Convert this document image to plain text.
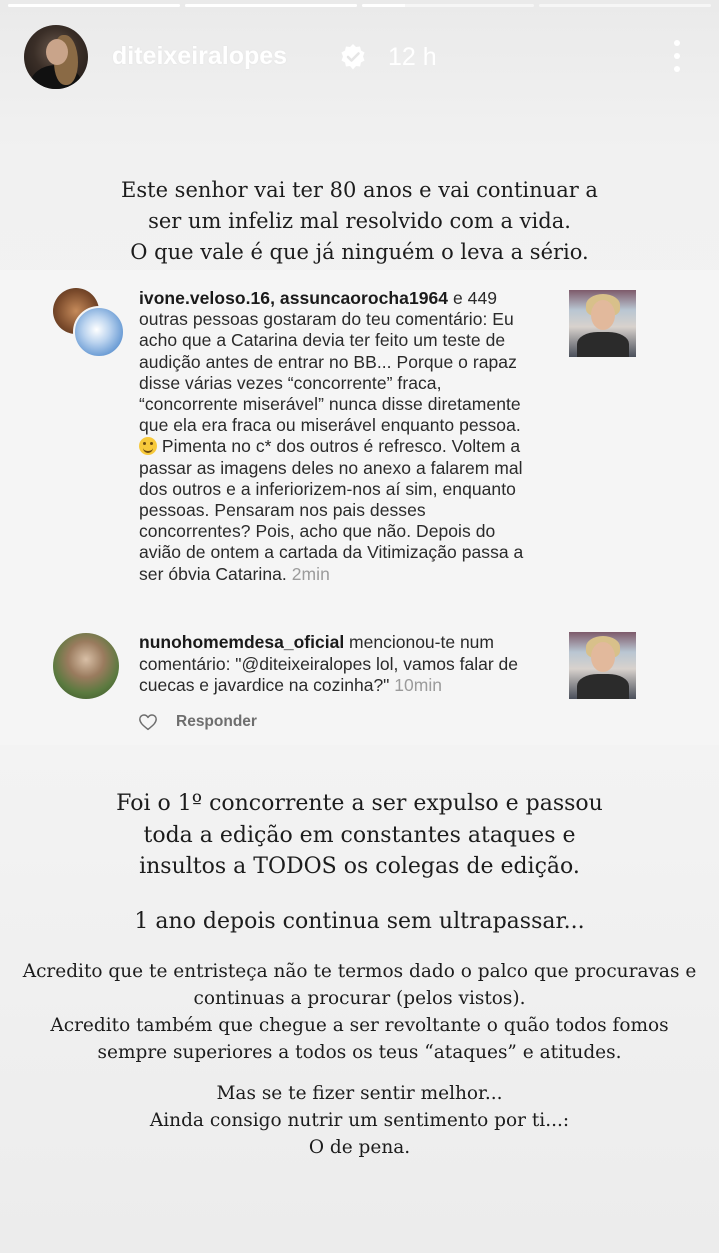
diteixeiralopes	12 h
Este senhor vai ter 80 anos e vai continuar a
ser um infeliz mal resolvido com a vida.
O que vale é que já ninguém o leva a sério.
ivone.veloso.16, assuncaorocha1964 e 449 outras pessoas gostaram do teu comentário: Eu acho que a Catarina devia ter feito um teste de audição antes de entrar no BB... Porque o rapaz disse várias vezes “concorrente” fraca, “concorrente miserável” nunca disse diretamente que ela era fraca ou miserável enquanto pessoa.  Pimenta no c* dos outros é refresco. Voltem a passar as imagens deles no anexo a falarem mal dos outros e a inferiorizem-nos aí sim, enquanto pessoas. Pensaram nos pais desses concorrentes? Pois, acho que não. Depois do avião de ontem a cartada da Vitimização passa a ser óbvia Catarina. 2min
nunohomemdesa_oficial mencionou-te num comentário: "@diteixeiralopes lol, vamos falar de cuecas e javardice na cozinha?" 10min
Responder
Foi o 1º concorrente a ser expulso e passou
toda a edição em constantes ataques e
insultos a TODOS os colegas de edição.
1 ano depois continua sem ultrapassar...
Acredito que te entristeça não te termos dado o palco que procuravas e
continuas a procurar (pelos vistos).
Acredito também que chegue a ser revoltante o quão todos fomos
sempre superiores a todos os teus “ataques” e atitudes.
Mas se te fizer sentir melhor...
Ainda consigo nutrir um sentimento por ti...:
O de pena.
